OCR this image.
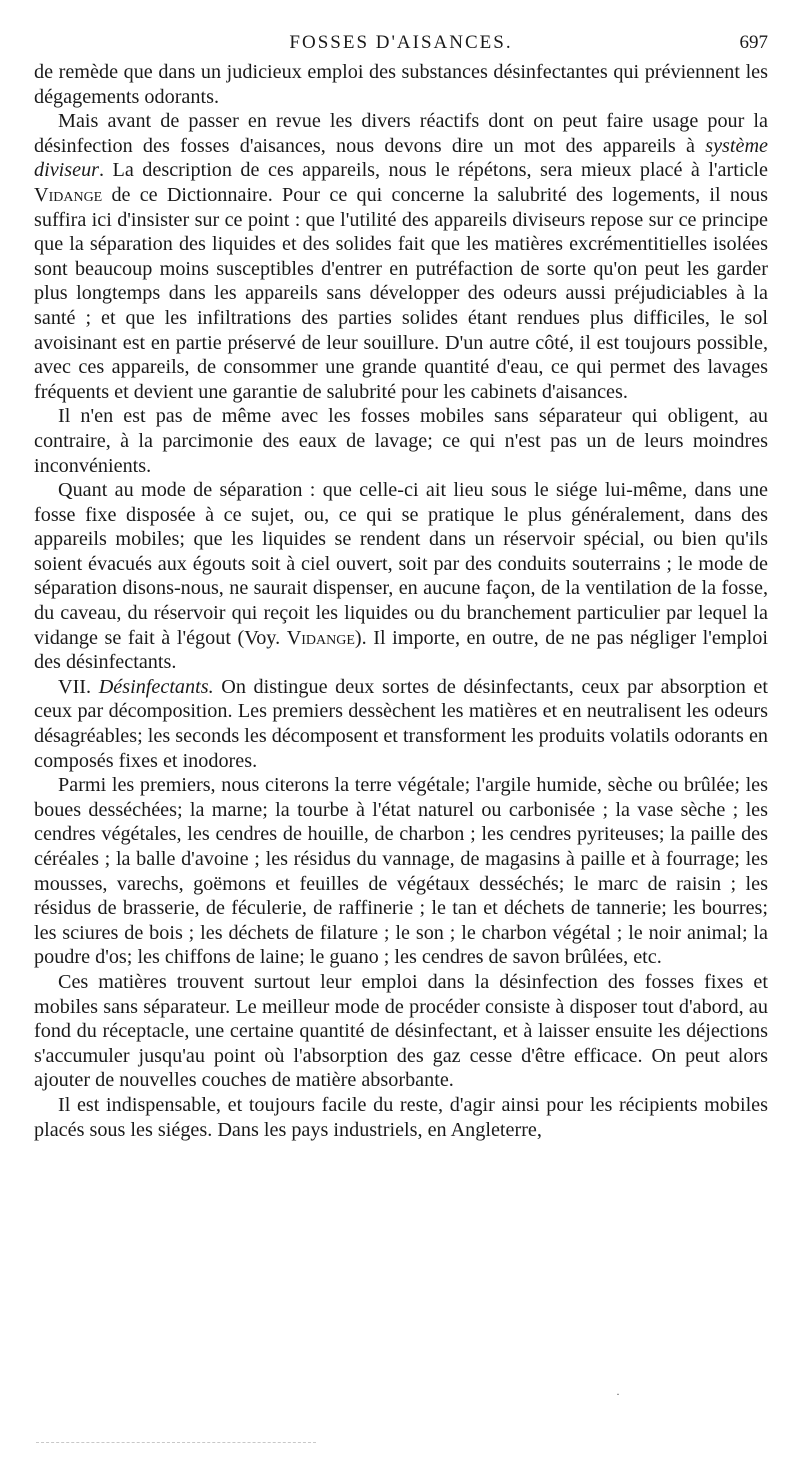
FOSSES D'AISANCES.	697

de remède que dans un judicieux emploi des substances désinfectantes qui préviennent les dégagements odorants.

Mais avant de passer en revue les divers réactifs dont on peut faire usage pour la désinfection des fosses d'aisances, nous devons dire un mot des appareils à système diviseur. La description de ces appareils, nous le répétons, sera mieux placé à l'article Vidange de ce Dictionnaire. Pour ce qui concerne la salubrité des logements, il nous suffira ici d'insister sur ce point : que l'utilité des appareils diviseurs repose sur ce principe que la séparation des liquides et des solides fait que les matières excrémentitielles isolées sont beaucoup moins susceptibles d'entrer en putréfaction de sorte qu'on peut les garder plus longtemps dans les appareils sans développer des odeurs aussi préjudiciables à la santé ; et que les infiltrations des parties solides étant rendues plus difficiles, le sol avoisinant est en partie préservé de leur souillure. D'un autre côté, il est toujours possible, avec ces appareils, de consommer une grande quantité d'eau, ce qui permet des lavages fréquents et devient une garantie de salubrité pour les cabinets d'aisances.

Il n'en est pas de même avec les fosses mobiles sans séparateur qui obligent, au contraire, à la parcimonie des eaux de lavage; ce qui n'est pas un de leurs moindres inconvénients.

Quant au mode de séparation : que celle-ci ait lieu sous le siége lui-même, dans une fosse fixe disposée à ce sujet, ou, ce qui se pratique le plus généralement, dans des appareils mobiles; que les liquides se rendent dans un réservoir spécial, ou bien qu'ils soient évacués aux égouts soit à ciel ouvert, soit par des conduits souterrains ; le mode de séparation disons-nous, ne saurait dispenser, en aucune façon, de la ventilation de la fosse, du caveau, du réservoir qui reçoit les liquides ou du branchement particulier par lequel la vidange se fait à l'égout (Voy. Vidange). Il importe, en outre, de ne pas négliger l'emploi des désinfectants.

VII. Désinfectants. On distingue deux sortes de désinfectants, ceux par absorption et ceux par décomposition. Les premiers dessèchent les matières et en neutralisent les odeurs désagréables; les seconds les décomposent et transforment les produits volatils odorants en composés fixes et inodores.

Parmi les premiers, nous citerons la terre végétale; l'argile humide, sèche ou brûlée; les boues desséchées; la marne; la tourbe à l'état naturel ou carbonisée ; la vase sèche ; les cendres végétales, les cendres de houille, de charbon ; les cendres pyriteuses; la paille des céréales ; la balle d'avoine ; les résidus du vannage, de magasins à paille et à fourrage; les mousses, varechs, goëmons et feuilles de végétaux desséchés; le marc de raisin ; les résidus de brasserie, de féculerie, de raffinerie ; le tan et déchets de tannerie; les bourres; les sciures de bois ; les déchets de filature ; le son ; le charbon végétal ; le noir animal; la poudre d'os; les chiffons de laine; le guano ; les cendres de savon brûlées, etc.

Ces matières trouvent surtout leur emploi dans la désinfection des fosses fixes et mobiles sans séparateur. Le meilleur mode de procéder consiste à disposer tout d'abord, au fond du réceptacle, une certaine quantité de désinfectant, et à laisser ensuite les déjections s'accumuler jusqu'au point où l'absorption des gaz cesse d'être efficace. On peut alors ajouter de nouvelles couches de matière absorbante.

Il est indispensable, et toujours facile du reste, d'agir ainsi pour les récipients mobiles placés sous les siéges. Dans les pays industriels, en Angleterre,

·
